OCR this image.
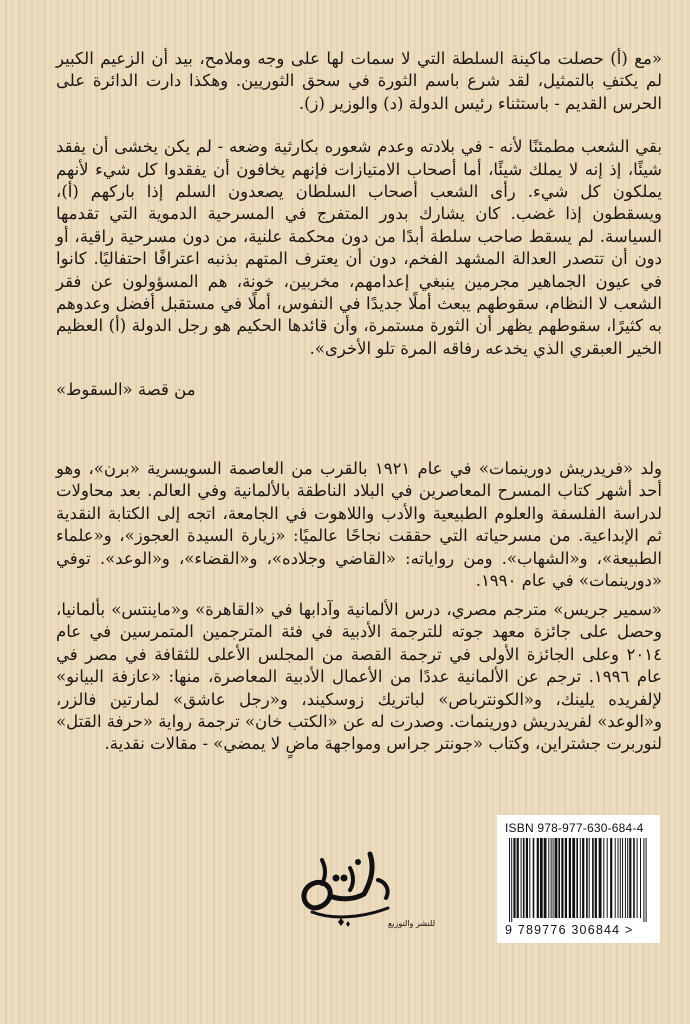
«مع (أ) حصلت ماكينة السلطة التي لا سمات لها على وجه وملامح، بيد أن الزعيم الكبير لم يكتفِ بالتمثيل، لقد شرع باسم الثورة في سحق الثوريين. وهكذا دارت الدائرة على الحرس القديم - باستثناء رئيس الدولة (د) والوزير (ز).

بقي الشعب مطمئنًا لأنه - في بلادته وعدم شعوره بكارثية وضعه - لم يكن يخشى أن يفقد شيئًا، إذ إنه لا يملك شيئًا، أما أصحاب الامتيازات فإنهم يخافون أن يفقدوا كل شيء لأنهم يملكون كل شيء. رأى الشعب أصحاب السلطان يصعدون السلم إذا باركهم (أ)، ويسقطون إذا غضب. كان يشارك بدور المتفرج في المسرحية الدموية التي تقدمها السياسة. لم يسقط صاحب سلطة أبدًا من دون محكمة علنية، من دون مسرحية راقية، أو دون أن تتصدر العدالة المشهد الفخم، دون أن يعترف المتهم بذنبه اعترافًا احتفاليًا. كانوا في عيون الجماهير مجرمين ينبغي إعدامهم، مخربين، خونة، هم المسؤولون عن فقر الشعب لا النظام، سقوطهم يبعث أملًا جديدًا في النفوس، أملًا في مستقبل أفضل وعدوهم به كثيرًا، سقوطهم يظهر أن الثورة مستمرة، وأن قائدها الحكيم هو رجل الدولة (أ) العظيم الخير العبقري الذي يخدعه رفاقه المرة تلو الأخرى».

من قصة «السقوط»

ولد «فريدريش دورينمات» في عام ١٩٢١ بالقرب من العاصمة السويسرية «برن»، وهو أحد أشهر كتاب المسرح المعاصرين في البلاد الناطقة بالألمانية وفي العالم. بعد محاولات لدراسة الفلسفة والعلوم الطبيعية والأدب واللاهوت في الجامعة، اتجه إلى الكتابة النقدية ثم الإبداعية. من مسرحياته التي حققت نجاحًا عالميًا: «زيارة السيدة العجوز»، و«علماء الطبيعة»، و«الشهاب». ومن رواياته: «القاضي وجلاده»، و«القضاء»، و«الوعد». توفي «دورينمات» في عام ١٩٩٠.

«سمير جريس» مترجم مصري، درس الألمانية وآدابها في «القاهرة» و«ماينتس» بألمانيا، وحصل على جائزة معهد جوته للترجمة الأدبية في فئة المترجمين المتمرسين في عام ٢٠١٤ وعلى الجائزة الأولى في ترجمة القصة من المجلس الأعلى للثقافة في مصر في عام ١٩٩٦. ترجم عن الألمانية عددًا من الأعمال الأدبية المعاصرة، منها: «عازفة البيانو» لإلفريده يلينك، و«الكونترباص» لباتريك زوسكيند، و«رجل عاشق» لمارتين فالزر، و«الوعد» لفريدريش دورينمات. وصدرت له عن «الكتب خان» ترجمة رواية «حرفة القتل» لنوربرت جشتراين، وكتاب «جونتر جراس ومواجهة ماضٍ لا يمضي» - مقالات نقدية.

للنشر والتوزيع
ISBN 978-977-630-684-4
9 789776 306844 >
